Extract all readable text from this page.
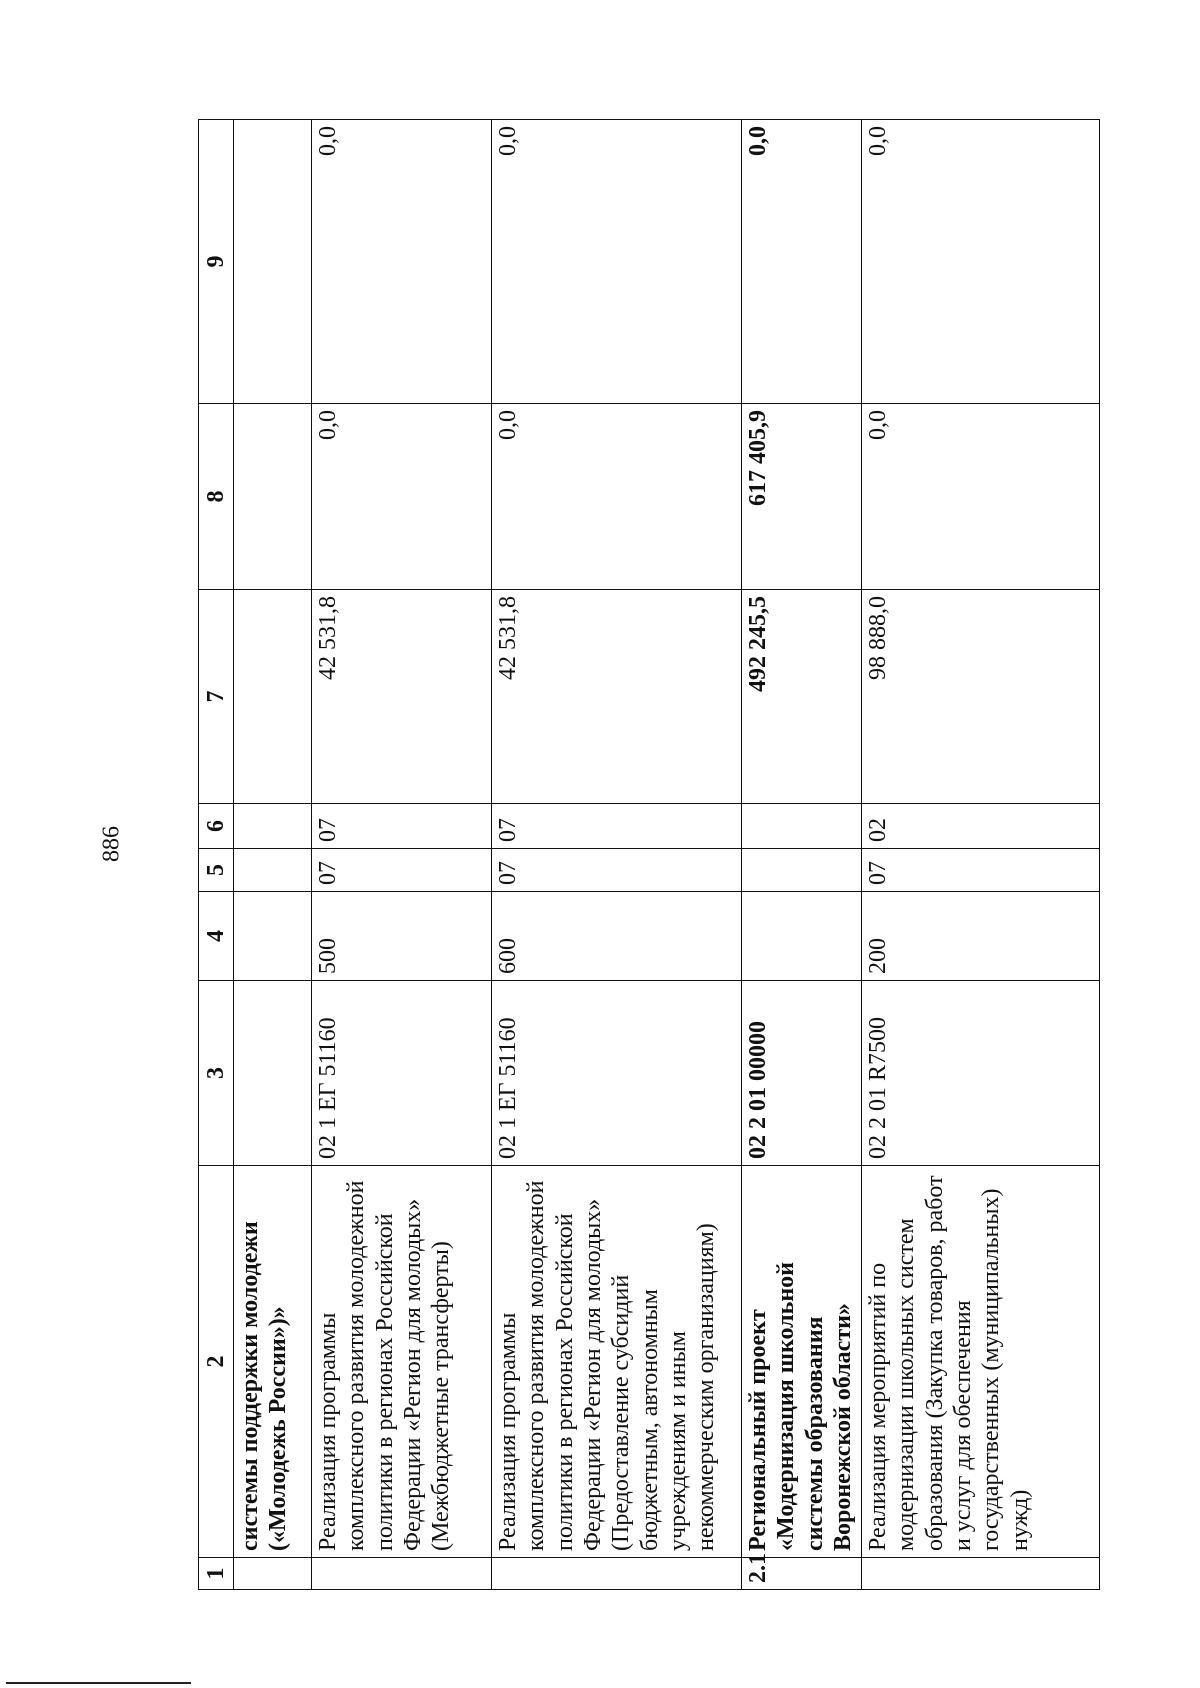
886
1	2	3	4	5	6	7	8	9
	системы поддержки молодежи («Молодежь России»)»							
	Реализация программы комплексного развития молодежной политики в регионах Российской Федерации «Регион для молодых» (Межбюджетные трансферты)	02 1 ЕГ 51160	500	07	07	42 531,8	0,0	0,0
	Реализация программы комплексного развития молодежной политики в регионах Российской Федерации «Регион для молодых» (Предоставление субсидий бюджетным, автономным учреждениям и иным некоммерческим организациям)	02 1 ЕГ 51160	600	07	07	42 531,8	0,0	0,0
2.1	Региональный проект «Модернизация школьной системы образования Воронежской области»	02 2 01 00000				492 245,5	617 405,9	0,0
	Реализация мероприятий по модернизации школьных систем образования (Закупка товаров, работ и услуг для обеспечения государственных (муниципальных) нужд)	02 2 01 R7500	200	07	02	98 888,0	0,0	0,0
